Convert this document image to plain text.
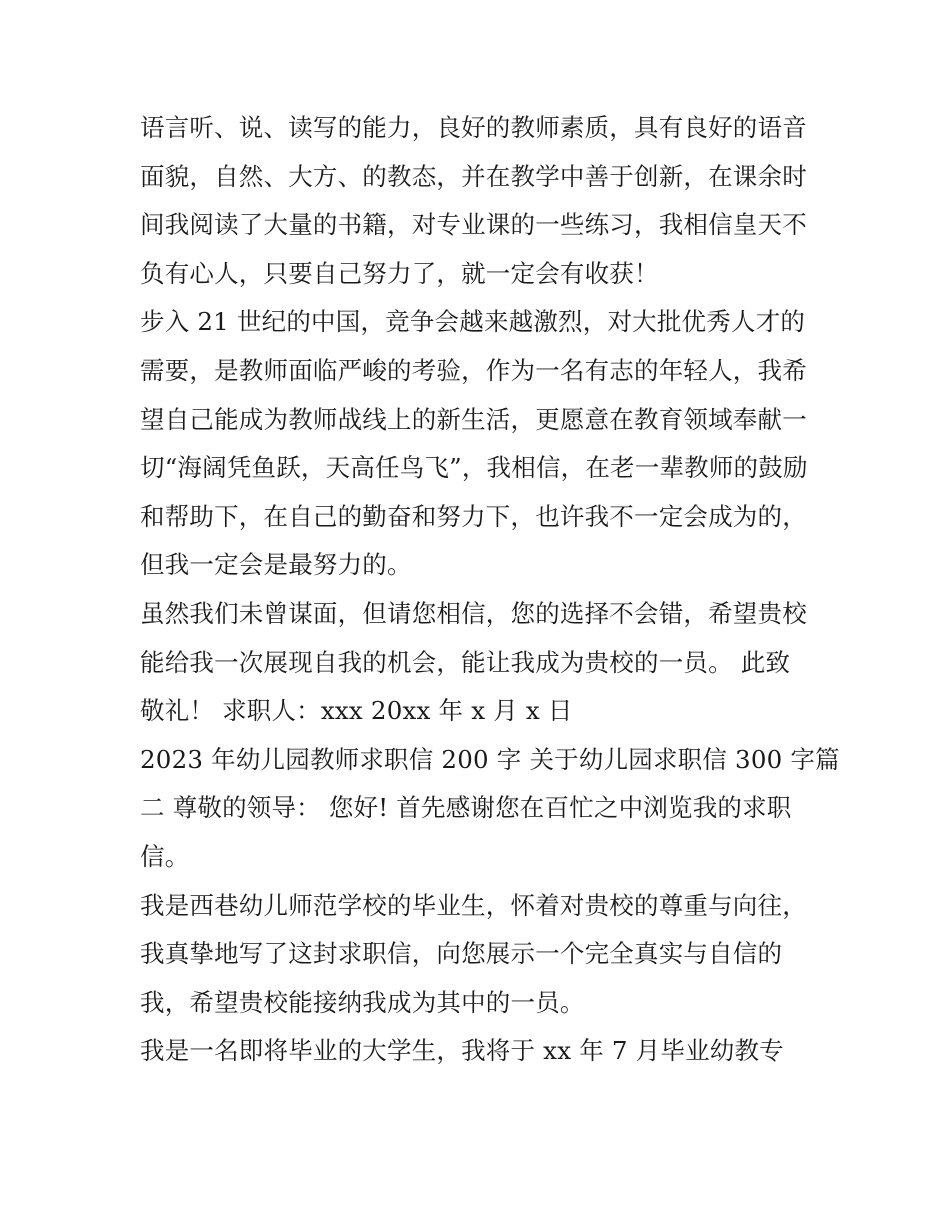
语言听、说、读写的能力，良好的教师素质，具有良好的语音
面貌，自然、大方、的教态，并在教学中善于创新，在课余时
间我阅读了大量的书籍，对专业课的一些练习，我相信皇天不
负有心人，只要自己努力了，就一定会有收获！
步入 21 世纪的中国，竞争会越来越激烈，对大批优秀人才的
需要，是教师面临严峻的考验，作为一名有志的年轻人，我希
望自己能成为教师战线上的新生活，更愿意在教育领域奉献一
切“海阔凭鱼跃，天高任鸟飞”，我相信，在老一辈教师的鼓励
和帮助下，在自己的勤奋和努力下，也许我不一定会成为的，
但我一定会是最努力的。
虽然我们未曾谋面，但请您相信，您的选择不会错，希望贵校
能给我一次展现自我的机会，能让我成为贵校的一员。 此致
敬礼！ 求职人：xxx 20xx 年 x 月 x 日
2023 年幼儿园教师求职信 200 字 关于幼儿园求职信 300 字篇
二 尊敬的领导： 您好! 首先感谢您在百忙之中浏览我的求职
信。
我是西巷幼儿师范学校的毕业生，怀着对贵校的尊重与向往，
我真挚地写了这封求职信，向您展示一个完全真实与自信的
我，希望贵校能接纳我成为其中的一员。
我是一名即将毕业的大学生，我将于 xx 年 7 月毕业幼教专
